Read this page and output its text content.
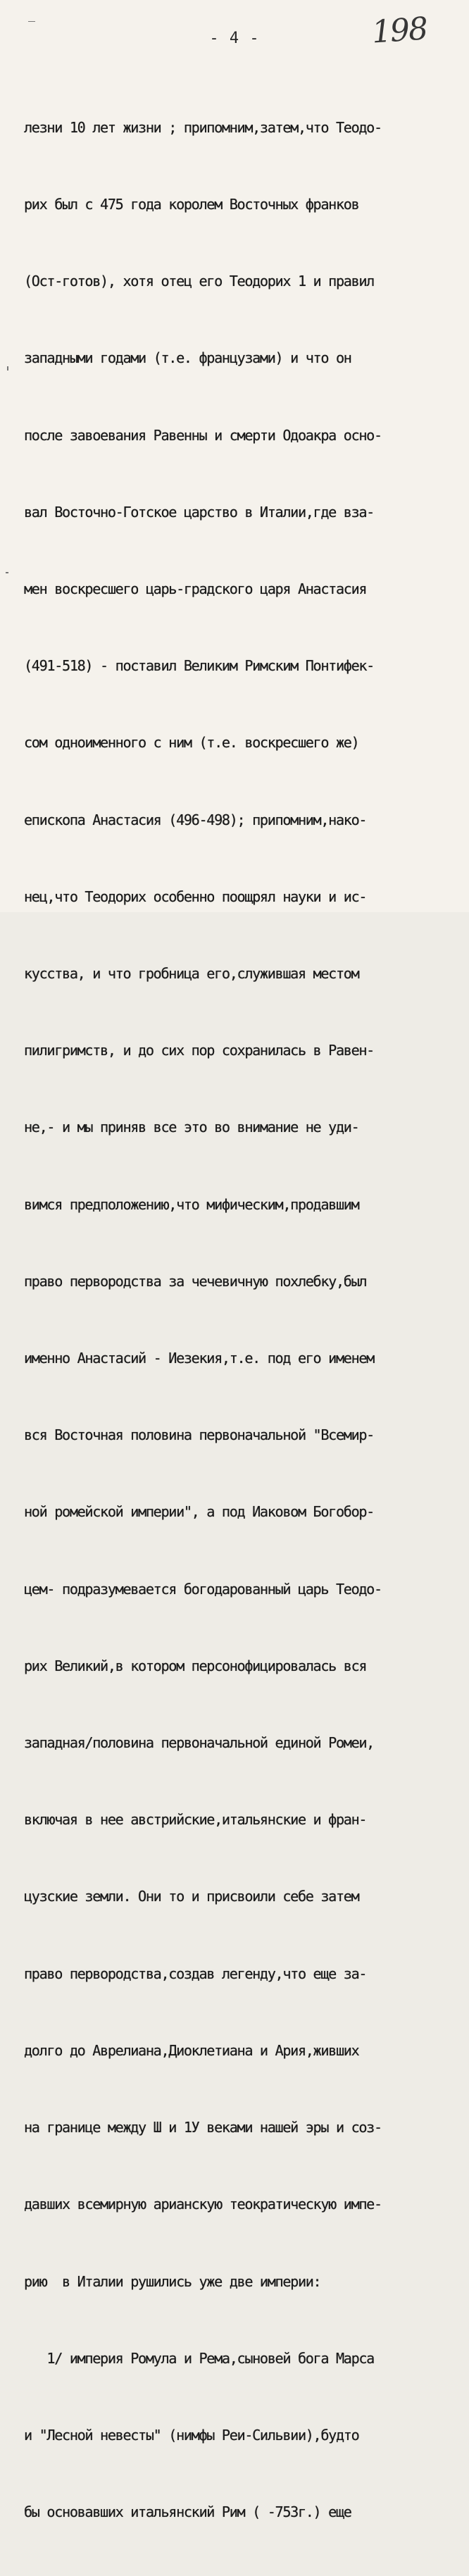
- 4 -	198

лезни 10 лет жизни ; припомним,затем,что Теодо-

рих был с 475 года королем Восточных франков

(Ост-готов), хотя отец его Теодорих 1 и правил

западными годами (т.е. французами) и что он

после завоевания Равенны и смерти Одоакра осно-

вал Восточно-Готское царство в Италии,где вза-

мен воскресшего царь-градского царя Анастасия

(491-518) - поставил Великим Римским Понтифек-

сом одноименного с ним (т.е. воскресшего же)

епископа Анастасия (496-498); припомним,нако-

нец,что Теодорих особенно поощрял науки и ис-

кусства, и что гробница его,служившая местом

пилигримств, и до сих пор сохранилась в Равен-

не,- и мы приняв все это во внимание не уди-

вимся предположению,что мифическим,продавшим

право первородства за чечевичную похлебку,был

именно Анастасий - Иезекия,т.е. под его именем

вся Восточная половина первоначальной "Всемир-

ной ромейской империи", а под Иаковом Богобор-

цем- подразумевается богодарованный царь Теодо-

рих Великий,в котором персонофицировалась вся

западная/половина первоначальной единой Ромеи,

включая в нее австрийские,итальянские и фран-

цузские земли. Они то и присвоили себе затем

право первородства,создав легенду,что еще за-

долго до Аврелиана,Диоклетиана и Ария,живших

на границе между Ш и 1У веками нашей эры и соз-

давших всемирную арианскую теократическую импе-

рию  в Италии рушились уже две империи:

1/ империя Ромула и Рема,сыновей бога Марса

и "Лесной невесты" (нимфы Реи-Сильвии),будто

бы основавших итальянский Рим ( -753г.) еще
